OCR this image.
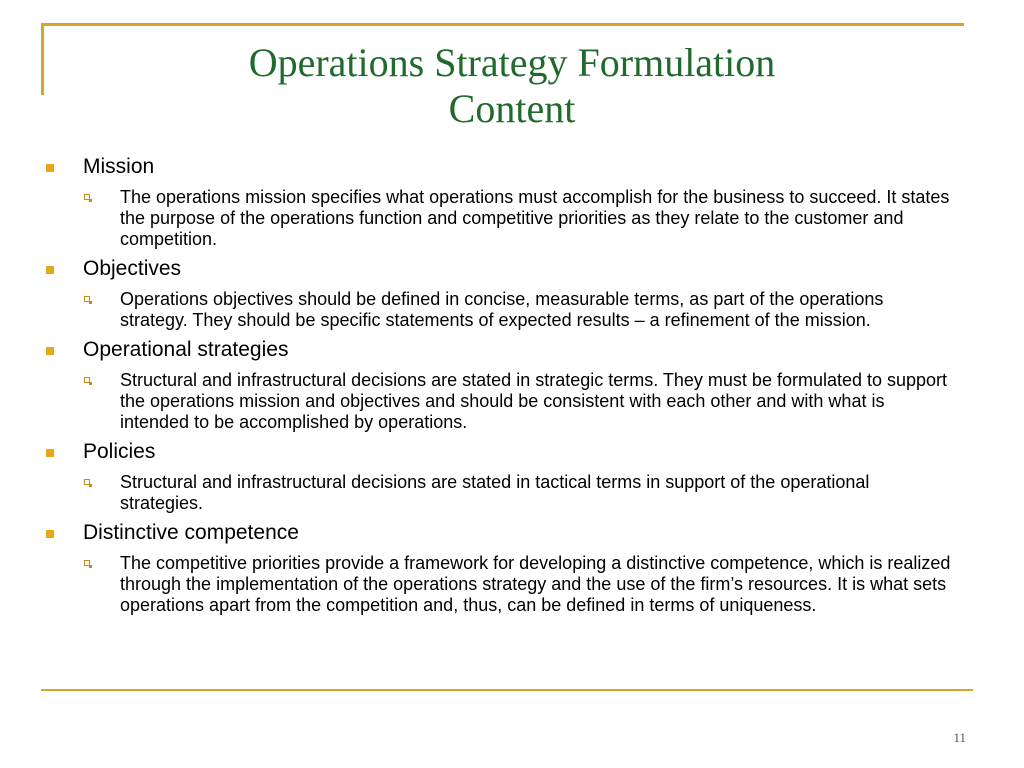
Operations Strategy Formulation
Content
Mission
The operations mission specifies what operations must accomplish for the business to succeed. It states the purpose of the operations function and competitive priorities as they relate to the customer and competition.
Objectives
Operations objectives should be defined in concise, measurable terms, as part of the operations strategy. They should be specific statements of expected results – a refinement of the mission.
Operational strategies
Structural and infrastructural decisions are stated in strategic terms. They must be formulated to support the operations mission and objectives and should be consistent with each other and with what is intended to be accomplished by operations.
Policies
Structural and infrastructural decisions are stated in tactical terms in support of the operational strategies.
Distinctive competence
The competitive priorities provide a framework for developing a distinctive competence, which is realized through the implementation of the operations strategy and the use of the firm’s resources. It is what sets operations apart from the competition and, thus, can be defined in terms of uniqueness.
11
